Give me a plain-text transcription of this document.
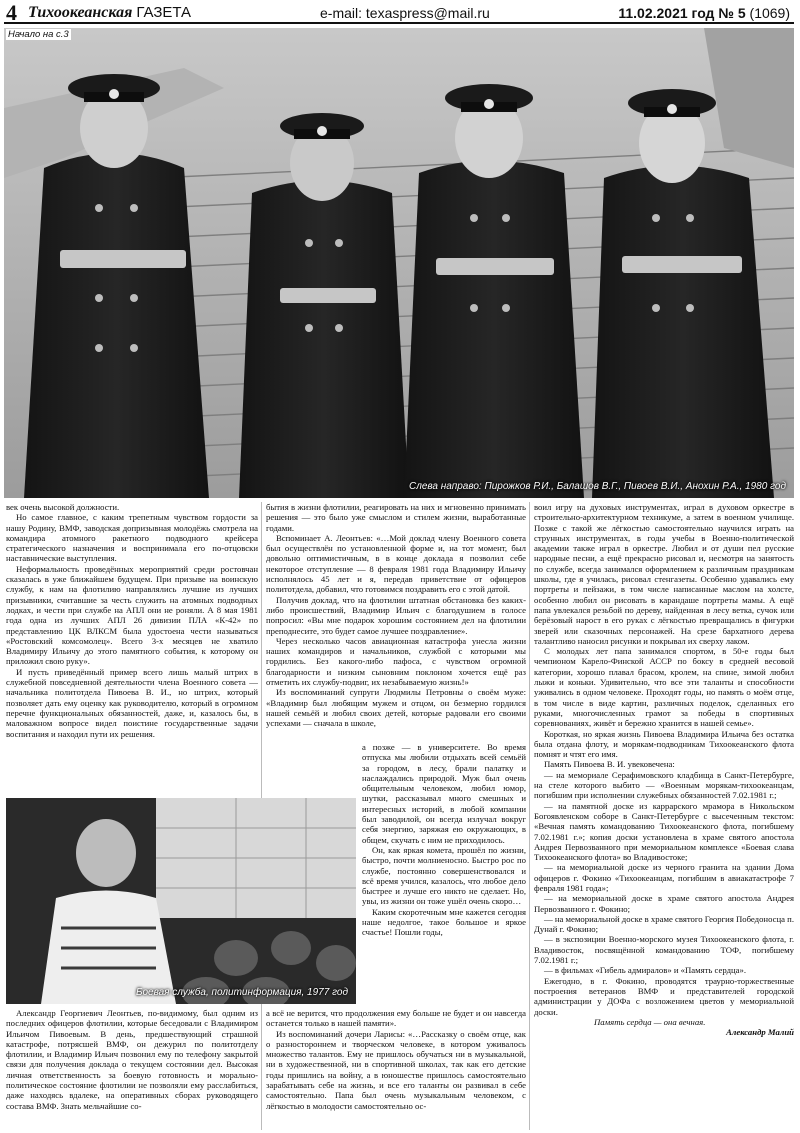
4 Тихоокеанская ГАЗЕТА	e-mail: texaspress@mail.ru	11.02.2021 год № 5 (1069)
Слева направо: Пирожков Р.И., Балашов В.Г., Пивоев В.И., Анохин Р.А., 1980 год
Начало на с.3

век очень высокой должности.

Но самое главное, с каким трепетным чувством гордости за нашу Родину, ВМФ, заводская допризывная молодёжь смотрела на командира атомного ракетного подводного крейсера стратегического назначения и воспринимала его по-отцовски наставнические выступления.

Неформальность проведённых мероприятий среди ростовчан сказалась в уже ближайшем будущем. При призыве на воинскую службу, к нам на флотилию направлялись лучшие из лучших призывники, считавшие за честь служить на атомных подводных лодках, и чести при службе на АПЛ они не роняли. А 8 мая 1981 года одна из лучших АПЛ 26 дивизии ПЛА «К-42» по представлению ЦК ВЛКСМ была удостоена чести называться «Ростовский комсомолец». Всего 3-х месяцев не хватило Владимиру Ильичу до этого памятного события, к которому он приложил свою руку».

И пусть приведённый пример всего лишь малый штрих в служебной повседневной деятельности члена Военного совета — начальника политотдела Пивоева В. И., но штрих, который позволяет дать ему оценку как руководителю, который в огромном перечне функциональных обязанностей, даже, и, казалось бы, в маловажном вопросе видел поистине государственные задачи воспитания и находил пути их решения.

Боевая служба, политинформация, 1977 год

Александр Георгиевич Леонтьев, по-видимому, был одним из последних офицеров флотилии, которые беседовали с Владимиром Ильичом Пивоевым. В день, предшествующий страшной катастрофе, потрясшей ВМФ, он дежурил по политотделу флотилии, и Владимир Ильич позвонил ему по телефону закрытой связи для получения доклада о текущем состоянии дел. Высокая личная ответственность за боевую готовность и морально-политическое состояние флотилии не позволяли ему расслабиться, даже находясь вдалеке, на оперативных сборах руководящего состава ВМФ. Знать мельчайшие со-

бытия в жизни флотилии, реагировать на них и мгновенно принимать решения — это было уже смыслом и стилем жизни, выработанные годами.

Вспоминает А. Леонтьев: «…Мой доклад члену Военного совета был осуществлён по установленной форме и, на тот момент, был довольно оптимистичным, в в конце доклада я позволил себе некоторое отступление — 8 февраля 1981 года Владимиру Ильичу исполнялось 45 лет и я, передав приветствие от офицеров политотдела, добавил, что готовимся поздравить его с этой датой.

Получив доклад, что на флотилии штатная обстановка без каких-либо происшествий, Владимир Ильич с благодушием в голосе попросил: «Вы мне подарок хорошим состоянием дел на флотилии преподнесите, это будет самое лучшее поздравление».

Через несколько часов авиационная катастрофа унесла жизни наших командиров и начальников, службой с которыми мы гордились. Без какого-либо пафоса, с чувством огромной благодарности и низким сыновним поклоном хочется ещё раз отметить их службу-подвиг, их незабываемую жизнь!»

Из воспоминаний супруги Людмилы Петровны о своём муже: «Владимир был любящим мужем и отцом, он безмерно гордился нашей семьёй и любил своих детей, которые радовали его своими успехами — сначала в школе,

а позже — в университете. Во время отпуска мы любили отдыхать всей семьёй за городом, в лесу, брали палатку и наслаждались природой. Муж был очень общительным человеком, любил юмор, шутки, рассказывал много смешных и интересных историй, в любой компании был заводилой, он всегда излучал вокруг себя энергию, заряжая ею окружающих, в общем, скучать с ним не приходилось.

Он, как яркая комета, прошёл по жизни, быстро, почти молниеносно. Быстро рос по службе, постоянно совершенствовался и всё время учился, казалось, что любое дело быстрее и лучше его никто не сделает. Но, увы, из жизни он тоже ушёл очень скоро…

Каким скоротечным мне кажется сегодня наше недолгое, такое большое и яркое счастье! Пошли годы,

а всё не верится, что продолжения ему больше не будет и он навсегда останется только в нашей памяти».

Из воспоминаний дочери Ларисы: «…Рассказку о своём отце, как о разностороннем и творческом человеке, в котором уживалось множество талантов. Ему не пришлось обучаться ни в музыкальной, ни в художественной, ни в спортивной школах, так как его детские годы пришлись на войну, а в юношестве пришлось самостоятельно зарабатывать себе на жизнь, и все его таланты он развивал в себе самостоятельно. Папа был очень музыкальным человеком, с лёгкостью в молодости самостоятельно ос-

воил игру на духовых инструментах, играл в духовом оркестре в строительно-архитектурном техникуме, а затем в военном училище. Позже с такой же лёгкостью самостоятельно научился играть на струнных инструментах, в годы учебы в Военно-политической академии также играл в оркестре. Любил и от души пел русские народные песни, а ещё прекрасно рисовал и, несмотря на занятость по службе, всегда занимался оформлением к различным праздникам школы, где я училась, рисовал стенгазеты. Особенно удавались ему портреты и пейзажи, в том числе написанные маслом на холсте, особенно любил он рисовать в карандаше портреты мамы. А ещё папа увлекался резьбой по дереву, найденная в лесу ветка, сучок или берёзовый нарост в его руках с лёгкостью превращались в фигурки зверей или сказочных персонажей. На срезе бархатного дерева талантливо наносил рисунки и покрывал их сверху лаком.

С молодых лет папа занимался спортом, в 50-е годы был чемпионом Карело-Финской АССР по боксу в средней весовой категории, хорошо плавал брасом, кролем, на спине, зимой любил лыжи и коньки. Удивительно, что все эти таланты и способности уживались в одном человеке. Проходят годы, но память о моём отце, в том числе в виде картин, различных поделок, сделанных его руками, многочисленных грамот за победы в спортивных соревнованиях, живёт и бережно хранится в нашей семье».

Короткая, но яркая жизнь Пивоева Владимира Ильича без остатка была отдана флоту, и морякам-подводникам Тихоокеанского флота помнят и чтят его имя.

Память Пивоева В. И. увековечена:

— на мемориале Серафимовского кладбища в Санкт-Петербурге, на стеле которого выбито — «Военным морякам-тихоокеанцам, погибшим при исполнении служебных обязанностей 7.02.1981 г.;

— на памятной доске из каррарского мрамора в Никольском Богоявленском соборе в Санкт-Петербурге с высеченным текстом: «Вечная память командованию Тихоокеанского флота, погибшему 7.02.1981 г.»; копия доски установлена в храме святого апостола Андрея Первозванного при мемориальном комплексе «Боевая слава Тихоокеанского флота» во Владивостоке;

— на мемориальной доске из черного гранита на здании Дома офицеров г. Фокино «Тихоокеанцам, погибшим в авиакатастрофе 7 февраля 1981 года»;

— на мемориальной доске в храме святого апостола Андрея Первозванного г. Фокино;

— на мемориальной доске в храме святого Георгия Победоносца п. Дунай г. Фокино;

— в экспозиции Военно-морского музея Тихоокеанского флота, г. Владивосток, посвящённой командованию ТОФ, погибшему 7.02.1981 г.;

— в фильмах «Гибель адмиралов» и «Память сердца».

Ежегодно, в г. Фокино, проводятся траурно-торжественные построения ветеранов ВМФ и представителей городской администрации у ДОФа с возложением цветов у мемориальной доски.

Память сердца — она вечная.

Александр Малий
